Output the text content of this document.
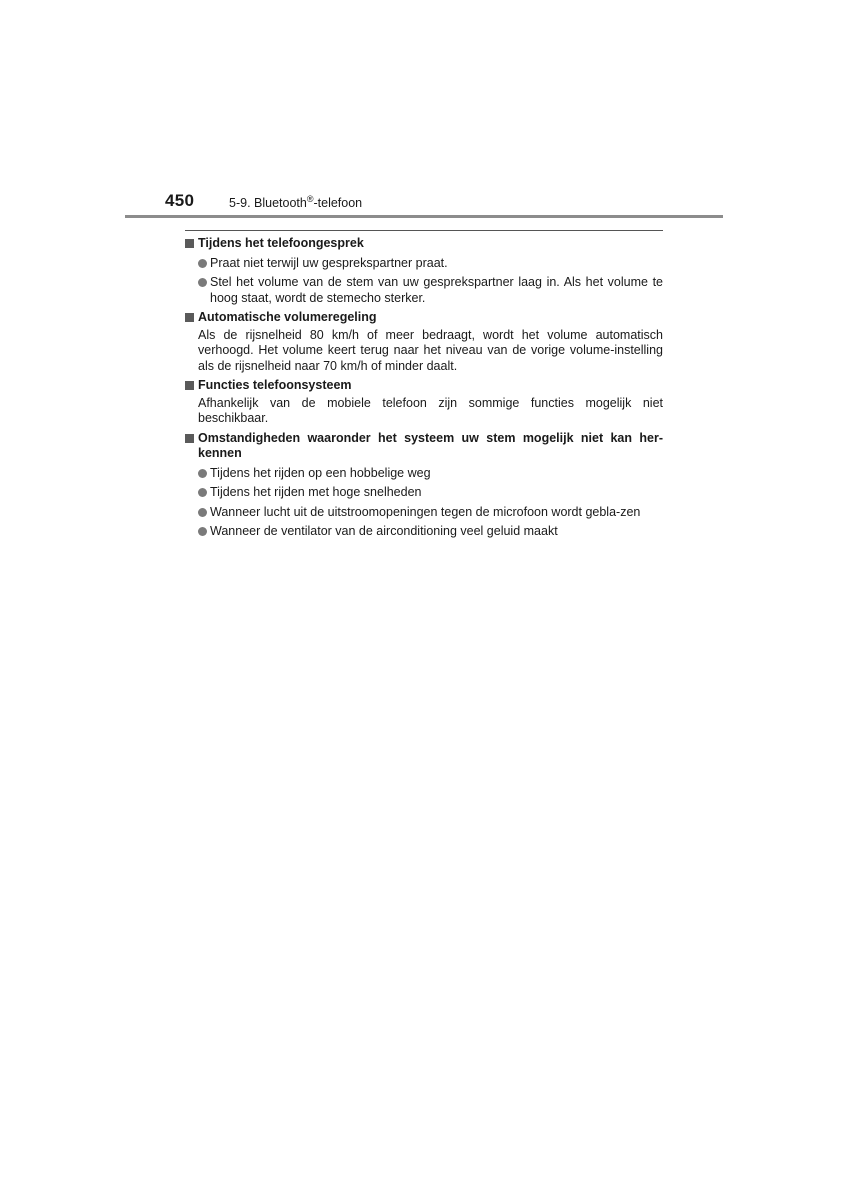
450	5-9. Bluetooth®-telefoon
Tijdens het telefoongesprek
Praat niet terwijl uw gesprekspartner praat.
Stel het volume van de stem van uw gesprekspartner laag in. Als het volume te hoog staat, wordt de stemecho sterker.
Automatische volumeregeling
Als de rijsnelheid 80 km/h of meer bedraagt, wordt het volume automatisch verhoogd. Het volume keert terug naar het niveau van de vorige volume-instelling als de rijsnelheid naar 70 km/h of minder daalt.
Functies telefoonsysteem
Afhankelijk van de mobiele telefoon zijn sommige functies mogelijk niet beschikbaar.
Omstandigheden waaronder het systeem uw stem mogelijk niet kan her-kennen
Tijdens het rijden op een hobbelige weg
Tijdens het rijden met hoge snelheden
Wanneer lucht uit de uitstroomopeningen tegen de microfoon wordt gebla-zen
Wanneer de ventilator van de airconditioning veel geluid maakt
